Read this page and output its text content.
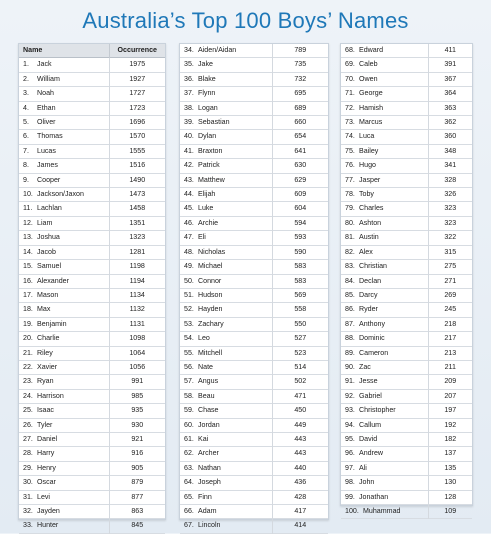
Australia’s Top 100 Boys’ Names
Name	Occurrence
1. Jack	1975
2. William	1927
3. Noah	1727
4. Ethan	1723
5. Oliver	1696
6. Thomas	1570
7. Lucas	1555
8. James	1516
9. Cooper	1490
10. Jackson/Jaxon	1473
11. Lachlan	1458
12. Liam	1351
13. Joshua	1323
14. Jacob	1281
15. Samuel	1198
16. Alexander	1194
17. Mason	1134
18. Max	1132
19. Benjamin	1131
20. Charlie	1098
21. Riley	1064
22. Xavier	1056
23. Ryan	991
24. Harrison	985
25. Isaac	935
26. Tyler	930
27. Daniel	921
28. Harry	916
29. Henry	905
30. Oscar	879
31. Levi	877
32. Jayden	863
33. Hunter	845
34. Aiden/Aidan	789
35. Jake	735
36. Blake	732
37. Flynn	695
38. Logan	689
39. Sebastian	660
40. Dylan	654
41. Braxton	641
42. Patrick	630
43. Matthew	629
44. Elijah	609
45. Luke	604
46. Archie	594
47. Eli	593
48. Nicholas	590
49. Michael	583
50. Connor	583
51. Hudson	569
52. Hayden	558
53. Zachary	550
54. Leo	527
55. Mitchell	523
56. Nate	514
57. Angus	502
58. Beau	471
59. Chase	450
60. Jordan	449
61. Kai	443
62. Archer	443
63. Nathan	440
64. Joseph	436
65. Finn	428
66. Adam	417
67. Lincoln	414
68. Edward	411
69. Caleb	391
70. Owen	367
71. George	364
72. Hamish	363
73. Marcus	362
74. Luca	360
75. Bailey	348
76. Hugo	341
77. Jasper	328
78. Toby	326
79. Charles	323
80. Ashton	323
81. Austin	322
82. Alex	315
83. Christian	275
84. Declan	271
85. Darcy	269
86. Ryder	245
87. Anthony	218
88. Dominic	217
89. Cameron	213
90. Zac	211
91. Jesse	209
92. Gabriel	207
93. Christopher	197
94. Callum	192
95. David	182
96. Andrew	137
97. Ali	135
98. John	130
99. Jonathan	128
100. Muhammad	109
